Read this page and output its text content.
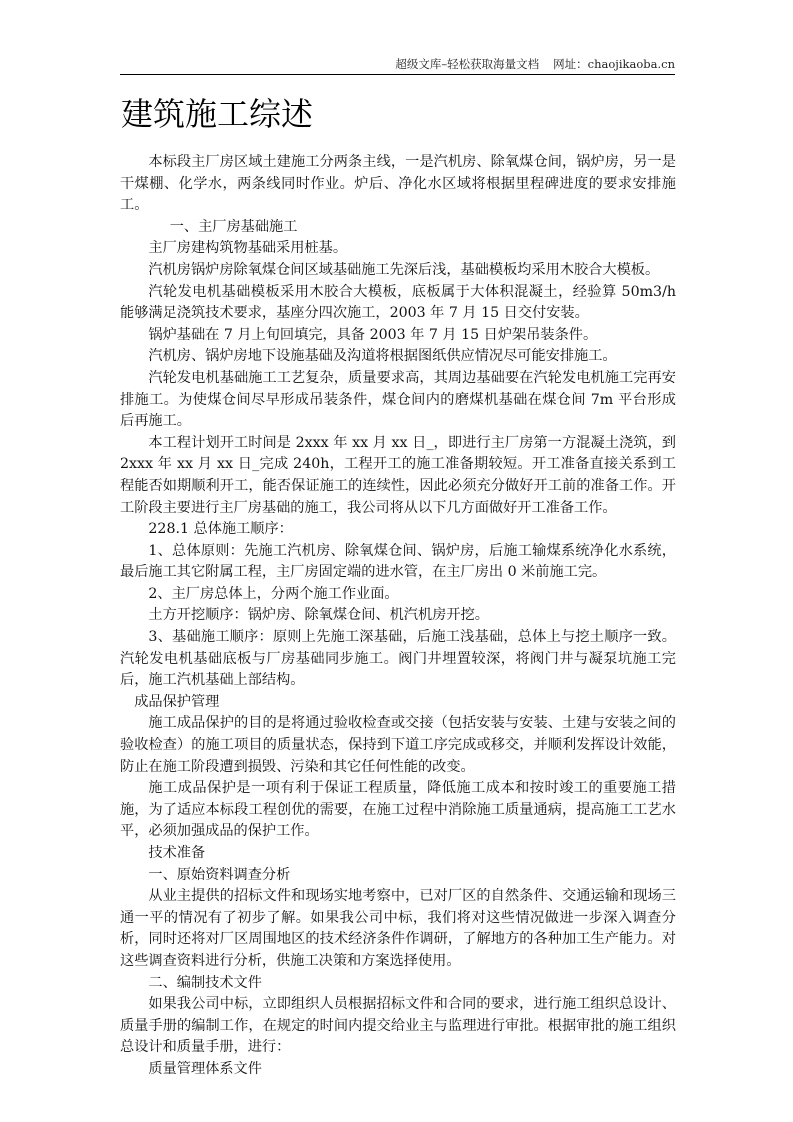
超级文库–轻松获取海量文档 网址：chaojikaoba.cn
建筑施工综述

本标段主厂房区域土建施工分两条主线，一是汽机房、除氧煤仓间，锅炉房，另一是干煤棚、化学水，两条线同时作业。炉后、净化水区域将根据里程碑进度的要求安排施工。

一、主厂房基础施工

主厂房建构筑物基础采用桩基。

汽机房锅炉房除氧煤仓间区域基础施工先深后浅，基础模板均采用木胶合大模板。

汽轮发电机基础模板采用木胶合大模板，底板属于大体积混凝土，经验算 50m3/h 能够满足浇筑技术要求，基座分四次施工，2003 年 7 月 15 日交付安装。

锅炉基础在 7 月上旬回填完，具备 2003 年 7 月 15 日炉架吊装条件。

汽机房、锅炉房地下设施基础及沟道将根据图纸供应情况尽可能安排施工。

汽轮发电机基础施工工艺复杂，质量要求高，其周边基础要在汽轮发电机施工完再安排施工。为使煤仓间尽早形成吊装条件，煤仓间内的磨煤机基础在煤仓间 7m 平台形成后再施工。

本工程计划开工时间是 2xxx 年 xx 月 xx 日_，即进行主厂房第一方混凝土浇筑，到 2xxx 年 xx 月 xx 日_完成 240h，工程开工的施工准备期较短。开工准备直接关系到工程能否如期顺利开工，能否保证施工的连续性，因此必须充分做好开工前的准备工作。开工阶段主要进行主厂房基础的施工，我公司将从以下几方面做好开工准备工作。

228.1 总体施工顺序：

1、总体原则：先施工汽机房、除氧煤仓间、锅炉房，后施工输煤系统净化水系统，最后施工其它附属工程，主厂房固定端的进水管，在主厂房出 0 米前施工完。

2、主厂房总体上，分两个施工作业面。

土方开挖顺序：锅炉房、除氧煤仓间、机汽机房开挖。

3、基础施工顺序：原则上先施工深基础，后施工浅基础，总体上与挖土顺序一致。汽轮发电机基础底板与厂房基础同步施工。阀门井埋置较深，将阀门井与凝泵坑施工完后，施工汽机基础上部结构。

成品保护管理

施工成品保护的目的是将通过验收检查或交接（包括安装与安装、土建与安装之间的验收检查）的施工项目的质量状态，保持到下道工序完成或移交，并顺利发挥设计效能，防止在施工阶段遭到损毁、污染和其它任何性能的改变。

施工成品保护是一项有利于保证工程质量，降低施工成本和按时竣工的重要施工措施，为了适应本标段工程创优的需要，在施工过程中消除施工质量通病，提高施工工艺水平，必须加强成品的保护工作。

技术准备

一、原始资料调查分析

从业主提供的招标文件和现场实地考察中，已对厂区的自然条件、交通运输和现场三通一平的情况有了初步了解。如果我公司中标，我们将对这些情况做进一步深入调查分析，同时还将对厂区周围地区的技术经济条件作调研，了解地方的各种加工生产能力。对这些调查资料进行分析，供施工决策和方案选择使用。

二、编制技术文件

如果我公司中标，立即组织人员根据招标文件和合同的要求，进行施工组织总设计、质量手册的编制工作，在规定的时间内提交给业主与监理进行审批。根据审批的施工组织总设计和质量手册，进行：

质量管理体系文件
